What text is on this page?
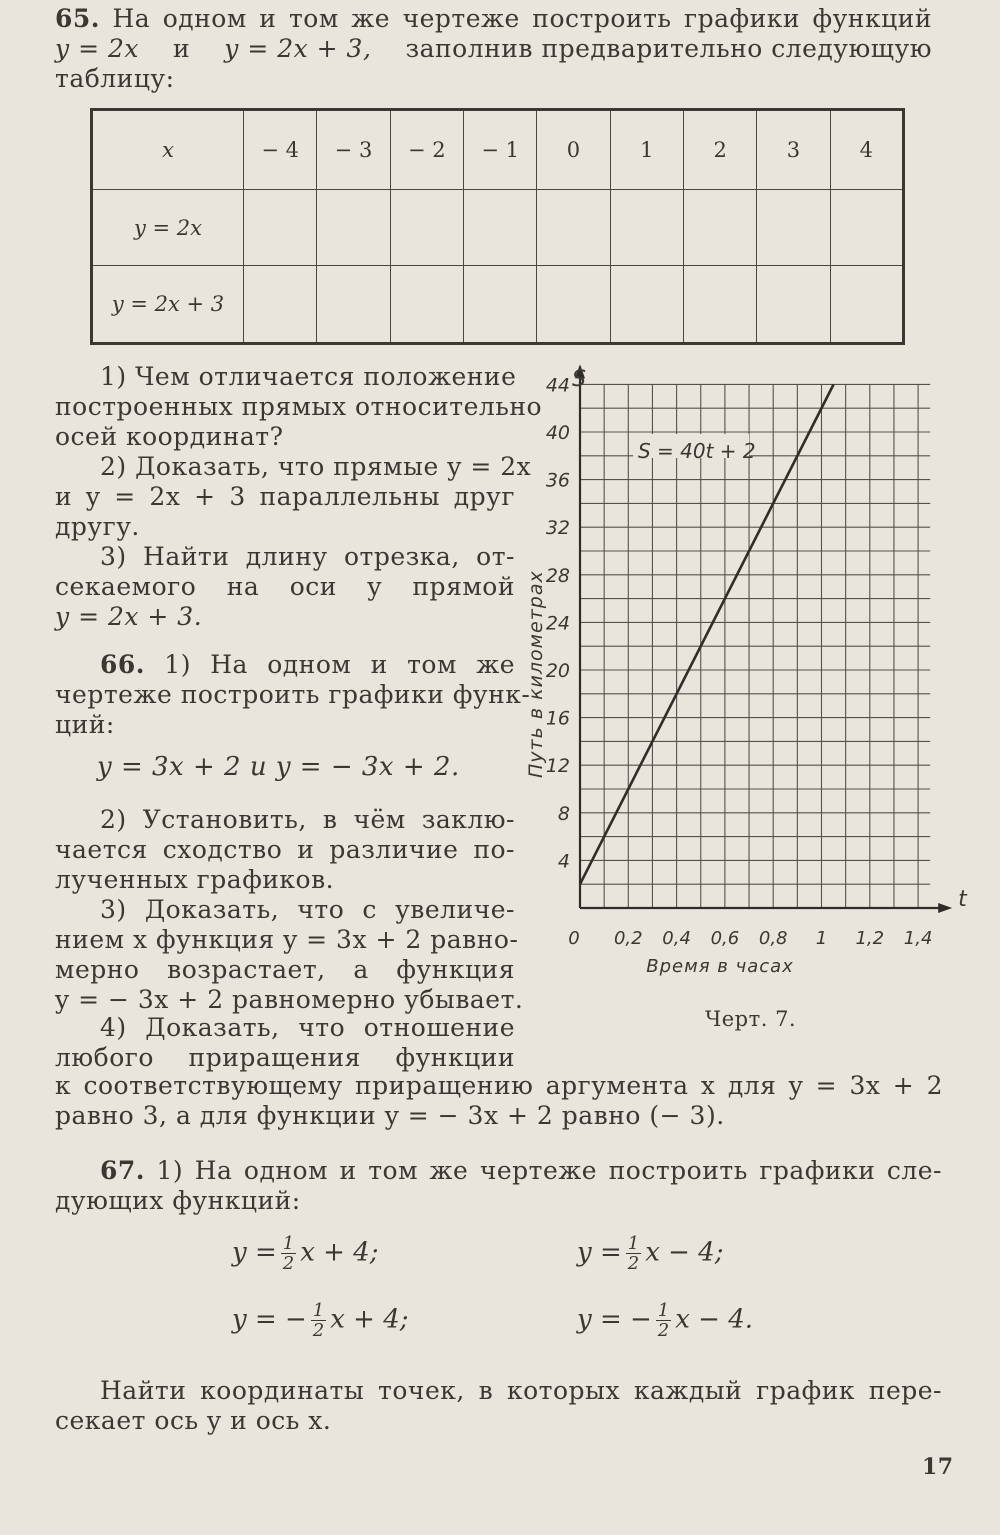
65. На одном и том же чертеже построить графики функций
y = 2x и y = 2x + 3, заполнив предварительно следующую
таблицу:
x	− 4	− 3	− 2	− 1	0	1	2	3	4
y = 2x									
y = 2x + 3									
1) Чем отличается положение
построенных прямых относительно
осей координат?
2) Доказать, что прямые y = 2x
и y = 2x + 3 параллельны друг
другу.
3) Найти длину отрезка, от-
секаемого на оси y прямой
y = 2x + 3.
66. 1) На одном и том же
чертеже построить графики функ-
ций:
y = 3x + 2 и y = − 3x + 2.
2) Установить, в чём заклю-
чается сходство и различие по-
лученных графиков.
3) Доказать, что с увеличе-
нием x функция y = 3x + 2 равно-
мерно возрастает, а функция
y = − 3x + 2 равномерно убывает.
4) Доказать, что отношение
любого приращения функции
к соответствующему приращению аргумента x для y = 3x + 2
равно 3, а для функции y = − 3x + 2 равно (− 3).
4
8
12
16
20
24
28
32
36
40
44
0 0,2 0,4 0,6 0,8 1 1,2 1,4
S
t
S = 40t + 2
Путь в километрах
Время в часах
Черт. 7.
67. 1) На одном и том же чертеже построить графики сле-
дующих функций:
$y = \frac{1}{2}$ x + 4;	$y = \frac{1}{2}$ x − 4;
y = − $\frac{1}{2}$ x + 4;	y = − $\frac{1}{2}$ x − 4.
Найти координаты точек, в которых каждый график пере-
секает ось y и ось x.
17
